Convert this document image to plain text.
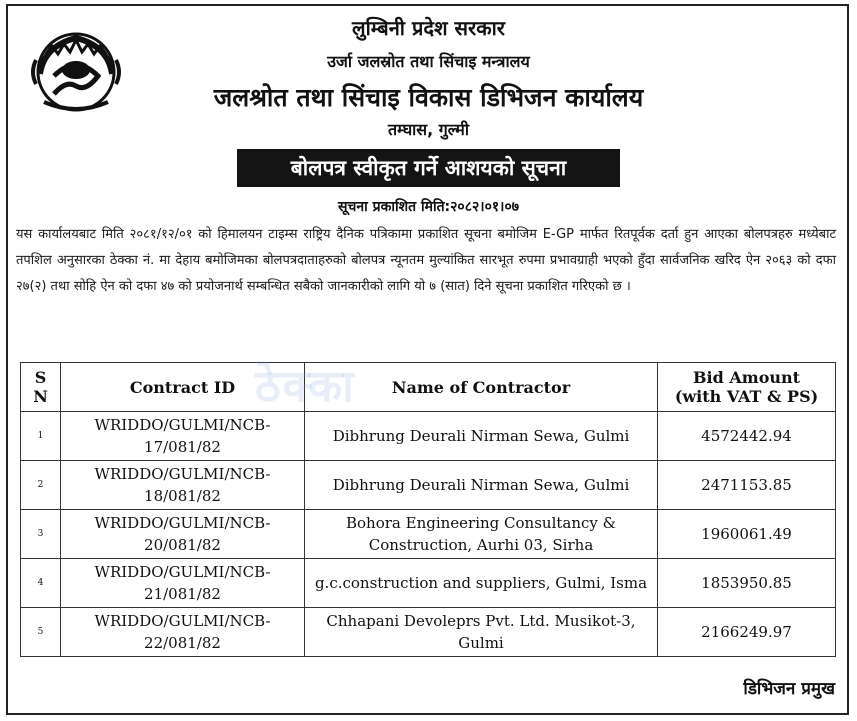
लुम्बिनी प्रदेश सरकार
उर्जा जलस्रोत तथा सिंचाइ मन्त्रालय
जलश्रोत तथा सिंचाइ विकास डिभिजन कार्यालय
तम्घास, गुल्मी
बोलपत्र स्वीकृत गर्ने आशयको सूचना
सूचना प्रकाशित मिति:२०८२।०१।०७
यस कार्यालयबाट मिति २०८१/१२/०१ को हिमालयन टाइम्स राष्ट्रिय दैनिक पत्रिकामा प्रकाशित सूचना बमोजिम E-GP मार्फत रितपूर्वक दर्ता हुन आएका बोलपत्रहरु मध्येबाट तपशिल अनुसारका ठेक्का नं. मा देहाय बमोजिमका बोलपत्रदाताहरुको बोलपत्र न्यूनतम मुल्यांकित सारभूत रुपमा प्रभावग्राही भएको हुँदा सार्वजनिक खरिद ऐन २०६३ को दफा २७(२) तथा सोहि ऐन को दफा ४७ को प्रयोजनार्थ सम्बन्धित सबैको जानकारीको लागि यो ७ (सात) दिने सूचना प्रकाशित गरिएको छ ।
ठेक्का
S N	Contract ID	Name of Contractor	Bid Amount
(with VAT & PS)

1	WRIDDO/GULMI/NCB-17/081/82	Dibhrung Deurali Nirman Sewa, Gulmi	4572442.94
2	WRIDDO/GULMI/NCB-18/081/82	Dibhrung Deurali Nirman Sewa, Gulmi	2471153.85
3	WRIDDO/GULMI/NCB-20/081/82	Bohora Engineering Consultancy & Construction, Aurhi 03, Sirha	1960061.49
4	WRIDDO/GULMI/NCB-21/081/82	g.c.construction and suppliers, Gulmi, Isma	1853950.85
5	WRIDDO/GULMI/NCB-22/081/82	Chhapani Devoleprs Pvt. Ltd. Musikot-3, Gulmi	2166249.97
डिभिजन प्रमुख
